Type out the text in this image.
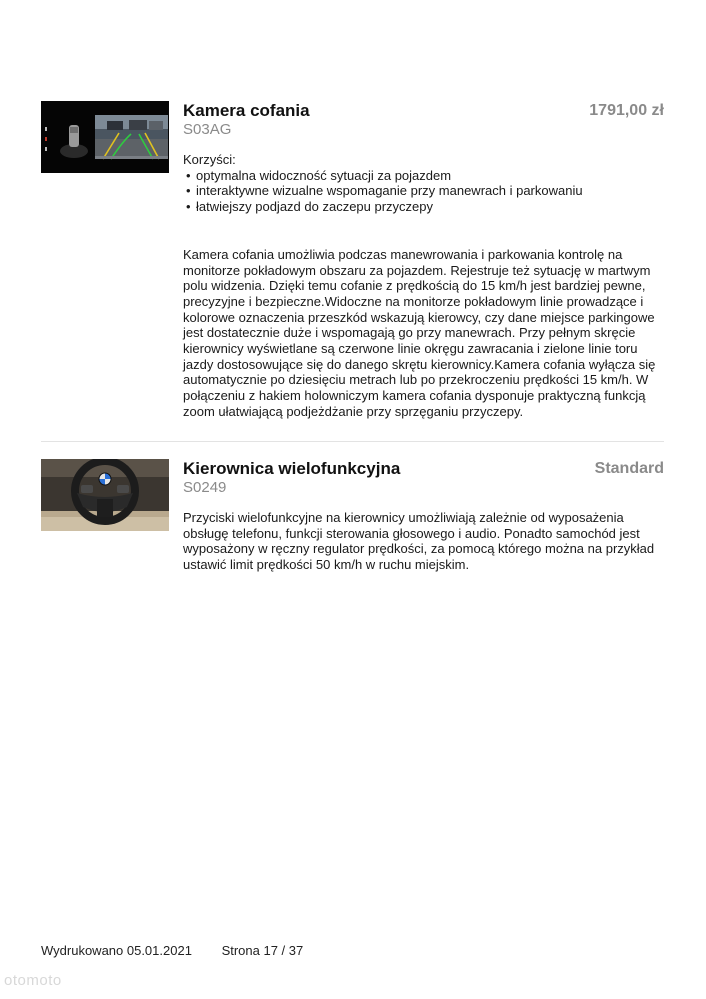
Kamera cofania
S03AG
Korzyści:
• optymalna widoczność sytuacji za pojazdem
• interaktywne wizualne wspomaganie przy manewrach i parkowaniu
• łatwiejszy podjazd do zaczepu przyczepy
Kamera cofania umożliwia podczas manewrowania i parkowania kontrolę na monitorze pokładowym obszaru za pojazdem. Rejestruje też sytuację w martwym polu widzenia. Dzięki temu cofanie z prędkością do 15 km/h jest bardziej pewne, precyzyjne i bezpieczne.Widoczne na monitorze pokładowym linie prowadzące i kolorowe oznaczenia przeszkód wskazują kierowcy, czy dane miejsce parkingowe jest dostatecznie duże i wspomagają go przy manewrach. Przy pełnym skręcie kierownicy wyświetlane są czerwone linie okręgu zawracania i zielone linie toru jazdy dostosowujące się do danego skrętu kierownicy.Kamera cofania wyłącza się automatycznie po dziesięciu metrach lub po przekroczeniu prędkości 15 km/h. W połączeniu z hakiem holowniczym kamera cofania dysponuje praktyczną funkcją zoom ułatwiającą podjeżdżanie przy sprzęganiu przyczepy.
1791,00 zł
Kierownica wielofunkcyjna
S0249
Przyciski wielofunkcyjne na kierownicy umożliwiają zależnie od wyposażenia obsługę telefonu, funkcji sterowania głosowego i audio. Ponadto samochód jest wyposażony w ręczny regulator prędkości, za pomocą którego można na przykład ustawić limit prędkości 50 km/h w ruchu miejskim.
Standard
Wydrukowano 05.01.2021 Strona 17 / 37
otomoto
